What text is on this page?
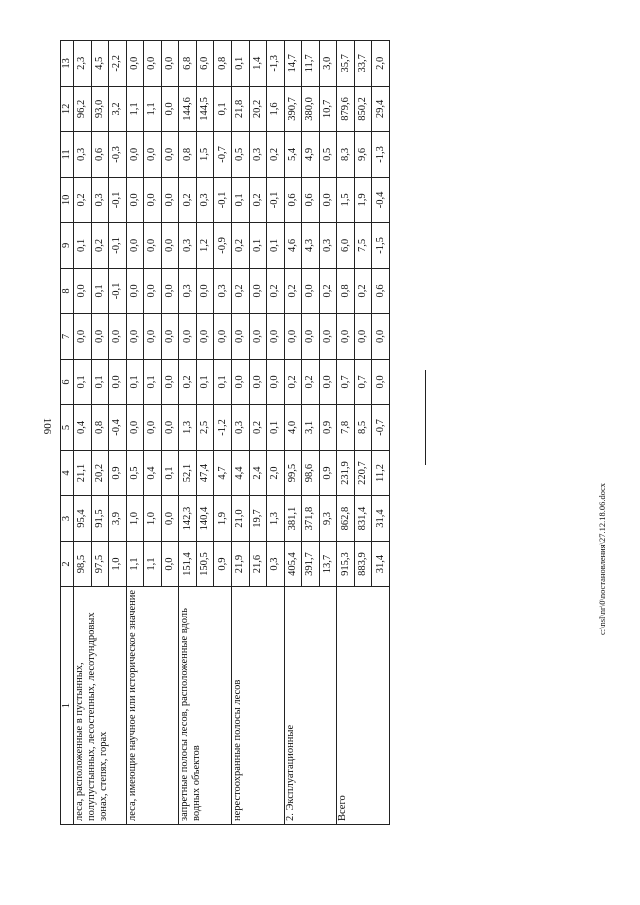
106
c:\nsl\nr\0\nостановления\27.12.18.06.docx
1	2	3	4	5	6	7	8	9	10	11	12	13
леса, расположенные в пустынных, полупустынных, лесостепных, лесотундровых зонах, степях, горах	98,5	95,4	21,1	0,4	0,1	0,0	0,0	0,1	0,2	0,3	96,2	2,3
	97,5	91,5	20,2	0,8	0,1	0,0	0,1	0,2	0,3	0,6	93,0	4,5
	1,0	3,9	0,9	-0,4	0,0	0,0	-0,1	-0,1	-0,1	-0,3	3,2	-2,2
леса, имеющие научное или историческое значение	1,1	1,0	0,5	0,0	0,1	0,0	0,0	0,0	0,0	0,0	1,1	0,0
	1,1	1,0	0,4	0,0	0,1	0,0	0,0	0,0	0,0	0,0	1,1	0,0
	0,0	0,0	0,1	0,0	0,0	0,0	0,0	0,0	0,0	0,0	0,0	0,0
запретные полосы лесов, расположенные вдоль водных объектов	151,4	142,3	52,1	1,3	0,2	0,0	0,3	0,3	0,2	0,8	144,6	6,8
	150,5	140,4	47,4	2,5	0,1	0,0	0,0	1,2	0,3	1,5	144,5	6,0
	0,9	1,9	4,7	-1,2	0,1	0,0	0,3	-0,9	-0,1	-0,7	0,1	0,8
нерестоохранные полосы лесов	21,9	21,0	4,4	0,3	0,0	0,0	0,2	0,2	0,1	0,5	21,8	0,1
	21,6	19,7	2,4	0,2	0,0	0,0	0,0	0,1	0,2	0,3	20,2	1,4
	0,3	1,3	2,0	0,1	0,0	0,0	0,2	0,1	-0,1	0,2	1,6	-1,3
2. Эксплуатационные	405,4	381,1	99,5	4,0	0,2	0,0	0,2	4,6	0,6	5,4	390,7	14,7
	391,7	371,8	98,6	3,1	0,2	0,0	0,0	4,3	0,6	4,9	380,0	11,7
	13,7	9,3	0,9	0,9	0,0	0,0	0,2	0,3	0,0	0,5	10,7	3,0
Всего	915,3	862,8	231,9	7,8	0,7	0,0	0,8	6,0	1,5	8,3	879,6	35,7
	883,9	831,4	220,7	8,5	0,7	0,0	0,2	7,5	1,9	9,6	850,2	33,7
	31,4	31,4	11,2	-0,7	0,0	0,0	0,6	-1,5	-0,4	-1,3	29,4	2,0
